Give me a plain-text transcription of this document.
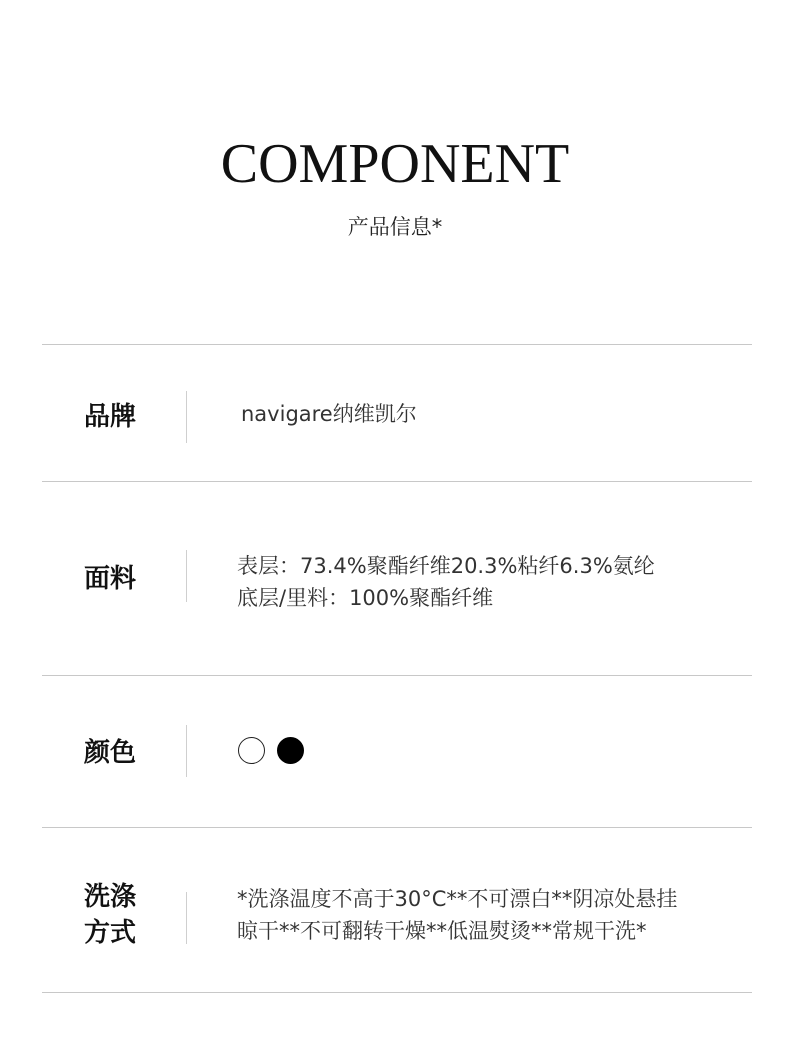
COMPONENT
产品信息*
品牌	navigare纳维凯尔
面料	表层：73.4%聚酯纤维20.3%粘纤6.3%氨纶
底层/里料：100%聚酯纤维
颜色
洗涤
方式
*洗涤温度不高于30°C**不可漂白**阴凉处悬挂
晾干**不可翻转干燥**低温熨烫**常规干洗*
